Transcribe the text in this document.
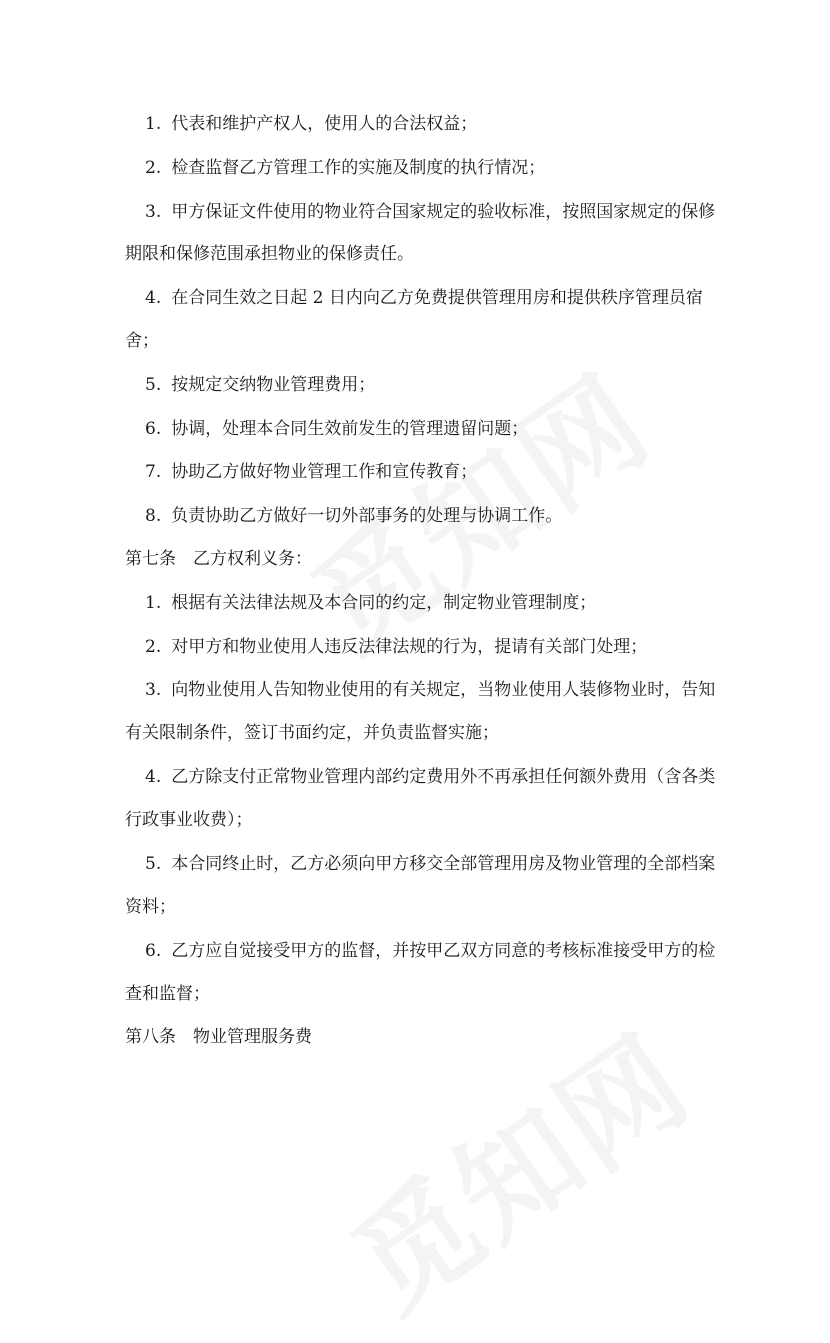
1. 代表和维护产权人，使用人的合法权益；
2. 检查监督乙方管理工作的实施及制度的执行情况；
3. 甲方保证文件使用的物业符合国家规定的验收标准，按照国家规定的保修
期限和保修范围承担物业的保修责任。
4. 在合同生效之日起 2 日内向乙方免费提供管理用房和提供秩序管理员宿
舍；
5. 按规定交纳物业管理费用；
6. 协调，处理本合同生效前发生的管理遗留问题；
7. 协助乙方做好物业管理工作和宣传教育；
8. 负责协助乙方做好一切外部事务的处理与协调工作。
第七条　乙方权利义务：
1. 根据有关法律法规及本合同的约定，制定物业管理制度；
2. 对甲方和物业使用人违反法律法规的行为，提请有关部门处理；
3. 向物业使用人告知物业使用的有关规定，当物业使用人装修物业时，告知
有关限制条件，签订书面约定，并负责监督实施；
4. 乙方除支付正常物业管理内部约定费用外不再承担任何额外费用（含各类
行政事业收费）；
5. 本合同终止时，乙方必须向甲方移交全部管理用房及物业管理的全部档案
资料；
6. 乙方应自觉接受甲方的监督，并按甲乙双方同意的考核标准接受甲方的检
查和监督；
第八条　物业管理服务费
